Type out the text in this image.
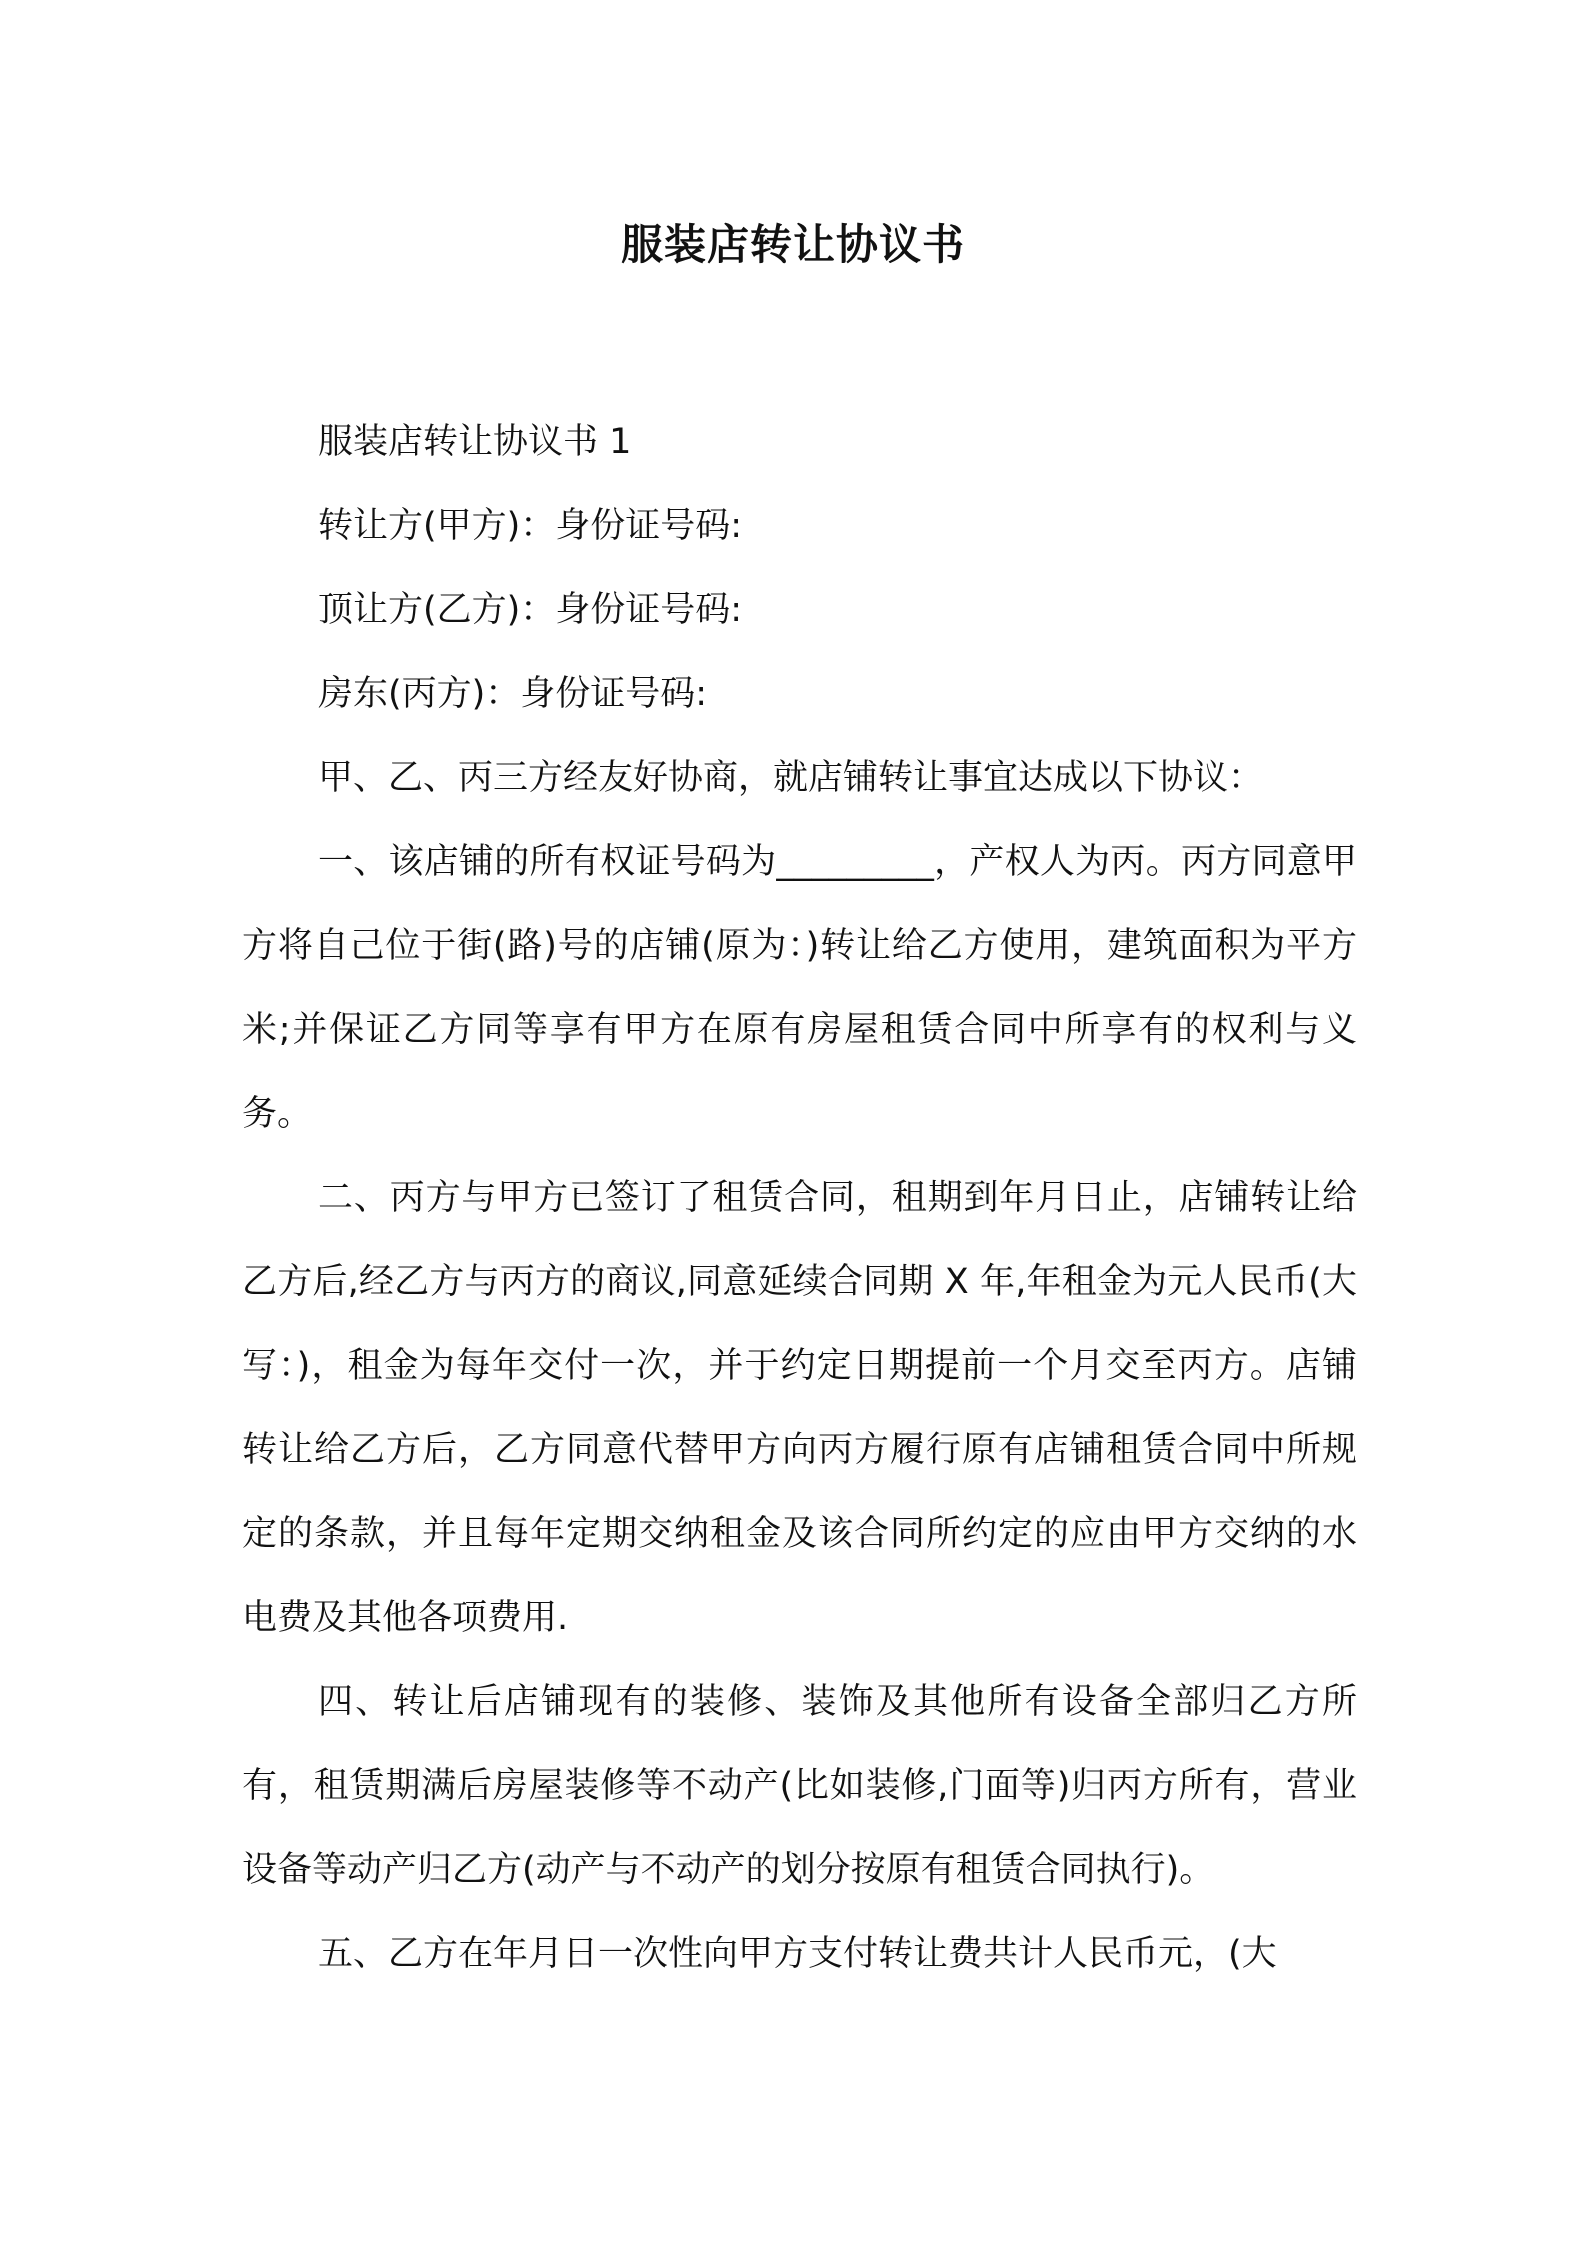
服装店转让协议书

服装店转让协议书 1

转让方(甲方)：身份证号码:

顶让方(乙方)：身份证号码:

房东(丙方)：身份证号码:

甲、乙、丙三方经友好协商，就店铺转让事宜达成以下协议：

一、该店铺的所有权证号码为_________，产权人为丙。丙方同意甲方将自己位于街(路)号的店铺(原为：)转让给乙方使用，建筑面积为平方米;并保证乙方同等享有甲方在原有房屋租赁合同中所享有的权利与义务。

二、丙方与甲方已签订了租赁合同，租期到年月日止，店铺转让给乙方后,经乙方与丙方的商议,同意延续合同期 X 年,年租金为元人民币(大写：)，租金为每年交付一次，并于约定日期提前一个月交至丙方。店铺转让给乙方后，乙方同意代替甲方向丙方履行原有店铺租赁合同中所规定的条款，并且每年定期交纳租金及该合同所约定的应由甲方交纳的水电费及其他各项费用.

四、转让后店铺现有的装修、装饰及其他所有设备全部归乙方所有，租赁期满后房屋装修等不动产(比如装修,门面等)归丙方所有，营业设备等动产归乙方(动产与不动产的划分按原有租赁合同执行)。

五、乙方在年月日一次性向甲方支付转让费共计人民币元，(大
